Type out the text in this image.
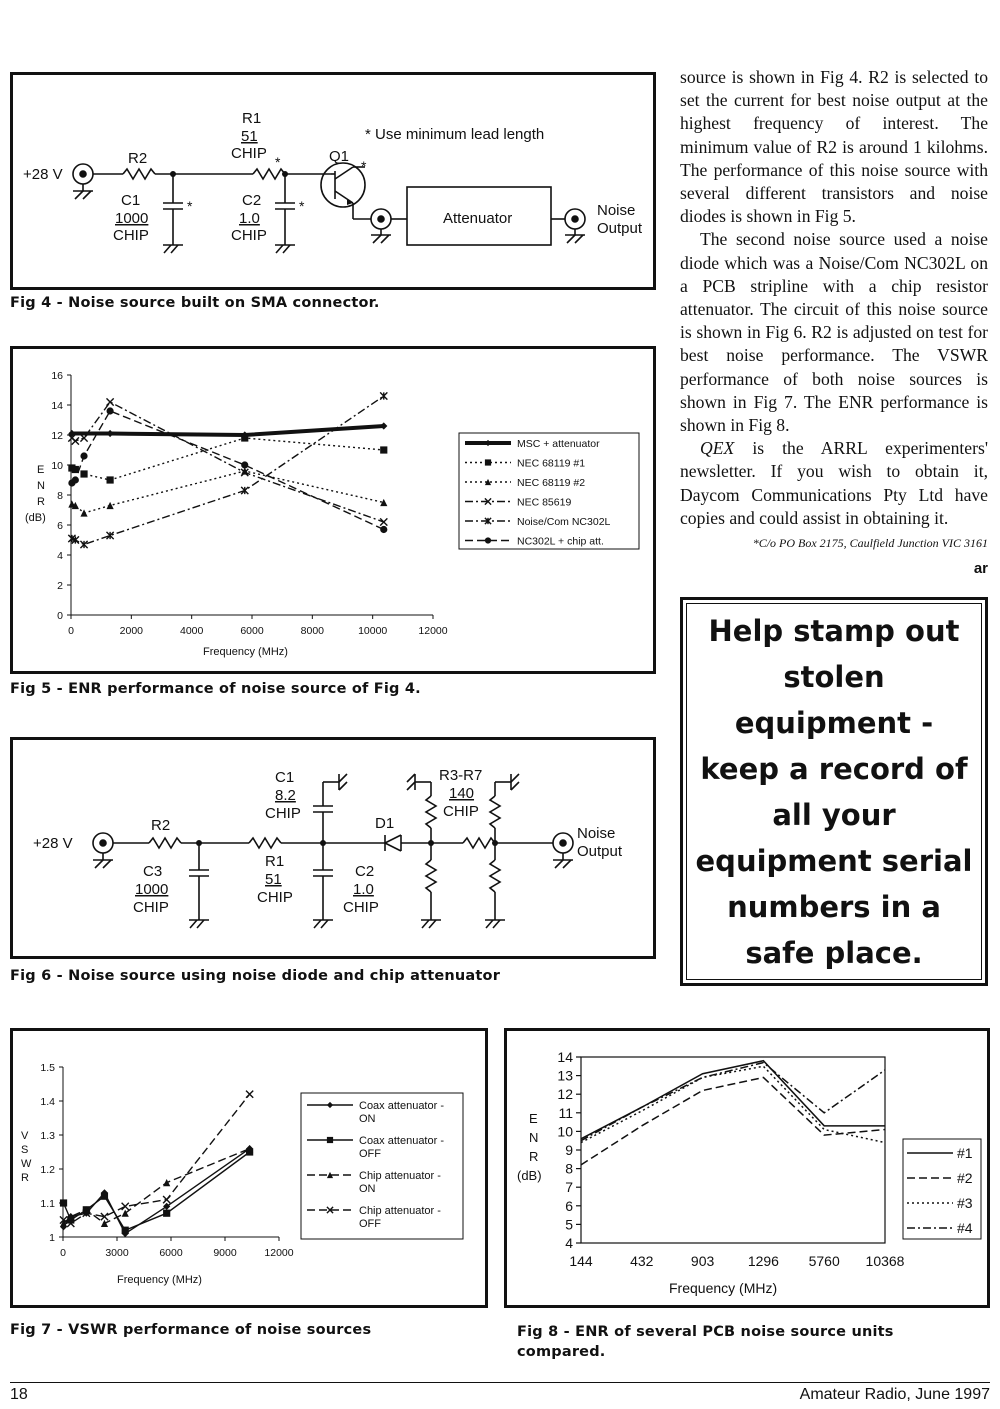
+28 V
R2
C1
1000
CHIP
*
R1
51
CHIP *
C2
1.0
CHIP
*
Q1
*
* Use minimum lead length
Attenuator	Noise
Output
Fig 4 - Noise source built on SMA connector.
0	2000	4000	6000	8000	10000	12000
0
2
4
6
8
10
12
14
16
MSC + attenuator
NEC 68119 #1
NEC 68119 #2
NEC 85619
Noise/Com NC302L
NC302L + chip att.
E
N
R
(dB)
Frequency (MHz)
Fig 5 - ENR performance of noise source of Fig 4.
+28 V
R2
C3
1000
CHIP
C1
8.2
CHIP
R1
51
CHIP
C2
1.0
CHIP
D1
R3-R7
140
CHIP
Noise
Output
Fig 6 - Noise source using noise diode and chip attenuator
0	3000	6000	9000	12000
1
1.1
1.2
1.3
1.4
1.5
Coax attenuator -
ON
Coax attenuator -
OFF
Chip attenuator -
ON
Chip attenuator -
OFF
V
S
W
R
Frequency (MHz)
Fig 7 - VSWR performance of noise sources
144	432	903 1296 5760 10368
4
5
6
7
8
9
10
11
12
13
14
#1
#2
#3
#4
E
N
R
(dB)
Frequency (MHz)
Fig 8 - ENR of several PCB noise source units compared.

source is shown in Fig 4. R2 is selected to set the current for best noise output at the highest frequency of interest. The minimum value of R2 is around 1 kilohms. The performance of this noise source with several different transistors and noise diodes is shown in Fig 5.

The second noise source used a noise diode which was a Noise/Com NC302L on a PCB stripline with a chip resistor attenuator. The circuit of this noise source is shown in Fig 6. R2 is adjusted on test for best noise performance. The VSWR performance of both noise sources is shown in Fig 7. The ENR performance is shown in Fig 8.

QEX is the ARRL experimenters' newsletter. If you wish to obtain it, Daycom Communications Pty Ltd have copies and could assist in obtaining it.

*C/o PO Box 2175, Caulfield Junction VIC 3161
ar
Help stamp out stolen equipment - keep a record of all your equipment serial numbers in a safe place.
18	Amateur Radio, June 1997
